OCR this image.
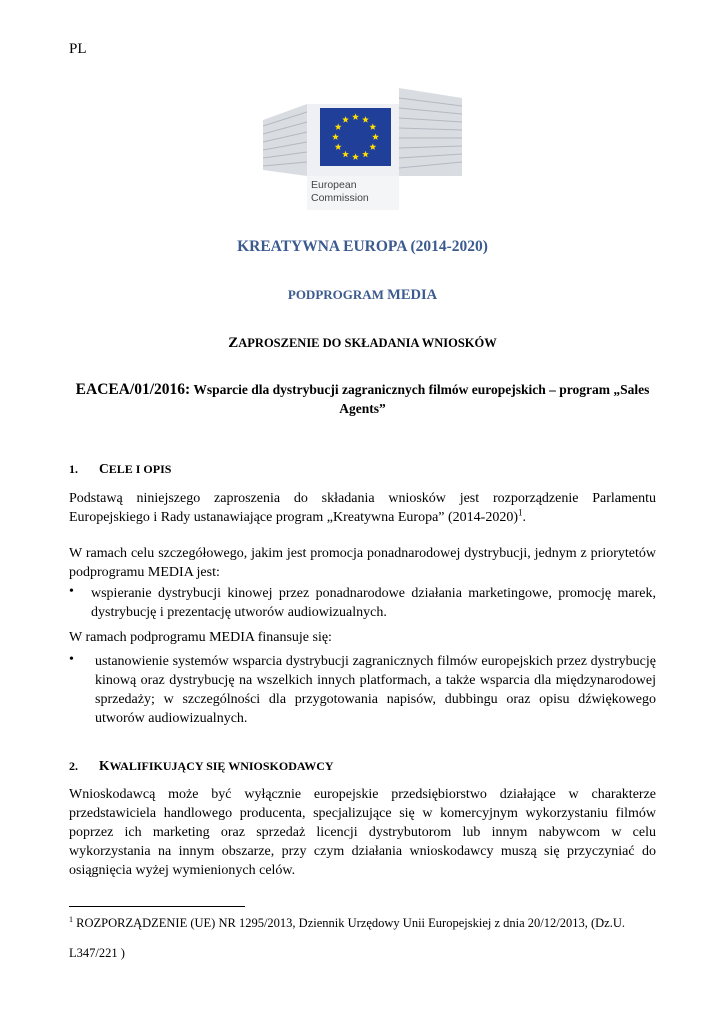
PL
European
Commission
KREATYWNA EUROPA (2014-2020)
PODPROGRAM MEDIA
ZAPROSZENIE DO SKŁADANIA WNIOSKÓW
EACEA/01/2016: Wsparcie dla dystrybucji zagranicznych filmów europejskich – program „Sales Agents”
1. CELE I OPIS
Podstawą niniejszego zaproszenia do składania wniosków jest rozporządzenie Parlamentu Europejskiego i Rady ustanawiające program „Kreatywna Europa” (2014-2020)$^1$.
W ramach celu szczegółowego, jakim jest promocja ponadnarodowej dystrybucji, jednym z priorytetów podprogramu MEDIA jest:
• wspieranie dystrybucji kinowej przez ponadnarodowe działania marketingowe, promocję marek, dystrybucję i prezentację utworów audiowizualnych.
W ramach podprogramu MEDIA finansuje się:
• ustanowienie systemów wsparcia dystrybucji zagranicznych filmów europejskich przez dystrybucję kinową oraz dystrybucję na wszelkich innych platformach, a także wsparcia dla międzynarodowej sprzedaży; w szczególności dla przygotowania napisów, dubbingu oraz opisu dźwiękowego utworów audiowizualnych.
2. KWALIFIKUJĄCY SIĘ WNIOSKODAWCY
Wnioskodawcą może być wyłącznie europejskie przedsiębiorstwo działające w charakterze przedstawiciela handlowego producenta, specjalizujące się w komercyjnym wykorzystaniu filmów poprzez ich marketing oraz sprzedaż licencji dystrybutorom lub innym nabywcom w celu wykorzystania na innym obszarze, przy czym działania wnioskodawcy muszą się przyczyniać do osiągnięcia wyżej wymienionych celów.
$^1$ ROZPORZĄDZENIE (UE) NR 1295/2013, Dziennik Urzędowy Unii Europejskiej z dnia 20/12/2013, (Dz.U.
L347/221 )
